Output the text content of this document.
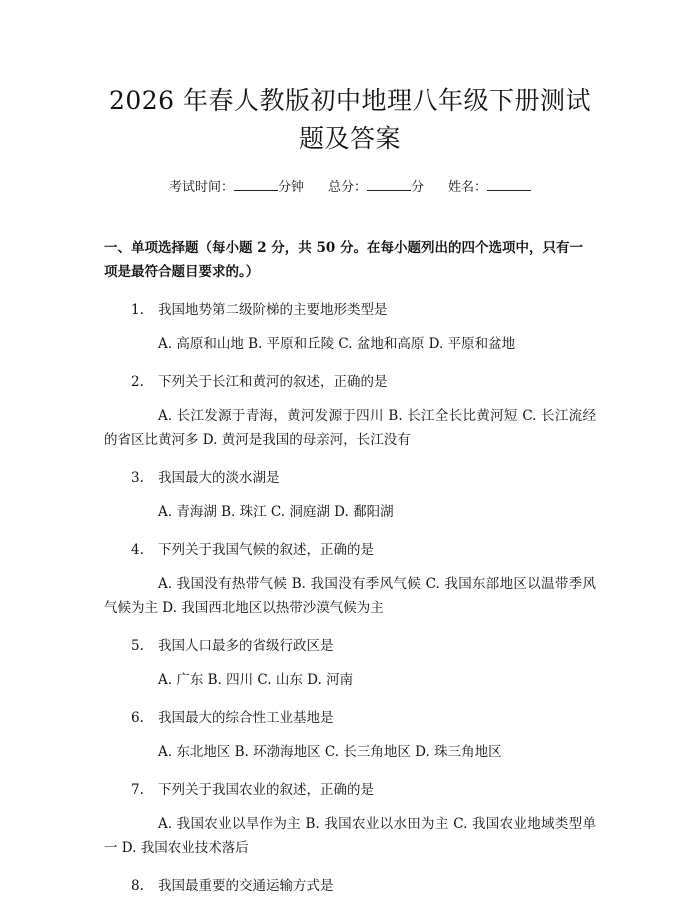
2026 年春人教版初中地理八年级下册测试题及答案
考试时间：	分钟 总分：	分 姓名：
一、单项选择题（每小题 2 分，共 50 分。在每小题列出的四个选项中，只有一项是最符合题目要求的。）
1. 我国地势第二级阶梯的主要地形类型是
A. 高原和山地 B. 平原和丘陵 C. 盆地和高原 D. 平原和盆地
2. 下列关于长江和黄河的叙述，正确的是
A. 长江发源于青海，黄河发源于四川 B. 长江全长比黄河短 C. 长江流经的省区比黄河多 D. 黄河是我国的母亲河，长江没有
3. 我国最大的淡水湖是
A. 青海湖 B. 珠江 C. 洞庭湖 D. 鄱阳湖
4. 下列关于我国气候的叙述，正确的是
A. 我国没有热带气候 B. 我国没有季风气候 C. 我国东部地区以温带季风气候为主 D. 我国西北地区以热带沙漠气候为主
5. 我国人口最多的省级行政区是
A. 广东 B. 四川 C. 山东 D. 河南
6. 我国最大的综合性工业基地是
A. 东北地区 B. 环渤海地区 C. 长三角地区 D. 珠三角地区
7. 下列关于我国农业的叙述，正确的是
A. 我国农业以旱作为主 B. 我国农业以水田为主 C. 我国农业地域类型单一 D. 我国农业技术落后
8. 我国最重要的交通运输方式是
